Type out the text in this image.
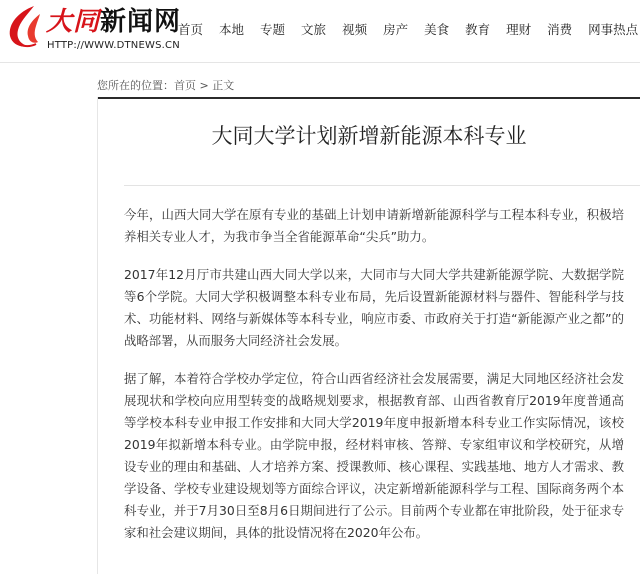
大同新闻网
HTTP://WWW.DTNEWS.CN
首页 本地 专题 文旅 视频 房产 美食 教育 理财 消费 网事热点
您所在的位置：首页 > 正文
大同大学计划新增新能源本科专业

今年，山西大同大学在原有专业的基础上计划申请新增新能源科学与工程本科专业，积极培养相关专业人才，为我市争当全省能源革命“尖兵”助力。

2017年12月厅市共建山西大同大学以来，大同市与大同大学共建新能源学院、大数据学院等6个学院。大同大学积极调整本科专业布局，先后设置新能源材料与器件、智能科学与技术、功能材料、网络与新媒体等本科专业，响应市委、市政府关于打造“新能源产业之都”的战略部署，从而服务大同经济社会发展。

据了解，本着符合学校办学定位，符合山西省经济社会发展需要，满足大同地区经济社会发展现状和学校向应用型转变的战略规划要求，根据教育部、山西省教育厅2019年度普通高等学校本科专业申报工作安排和大同大学2019年度申报新增本科专业工作实际情况，该校2019年拟新增本科专业。由学院申报，经材料审核、答辩、专家组审议和学校研究，从增设专业的理由和基础、人才培养方案、授课教师、核心课程、实践基地、地方人才需求、教学设备、学校专业建设规划等方面综合评议，决定新增新能源科学与工程、国际商务两个本科专业，并于7月30日至8月6日期间进行了公示。目前两个专业都在审批阶段，处于征求专家和社会建议期间，具体的批设情况将在2020年公布。
